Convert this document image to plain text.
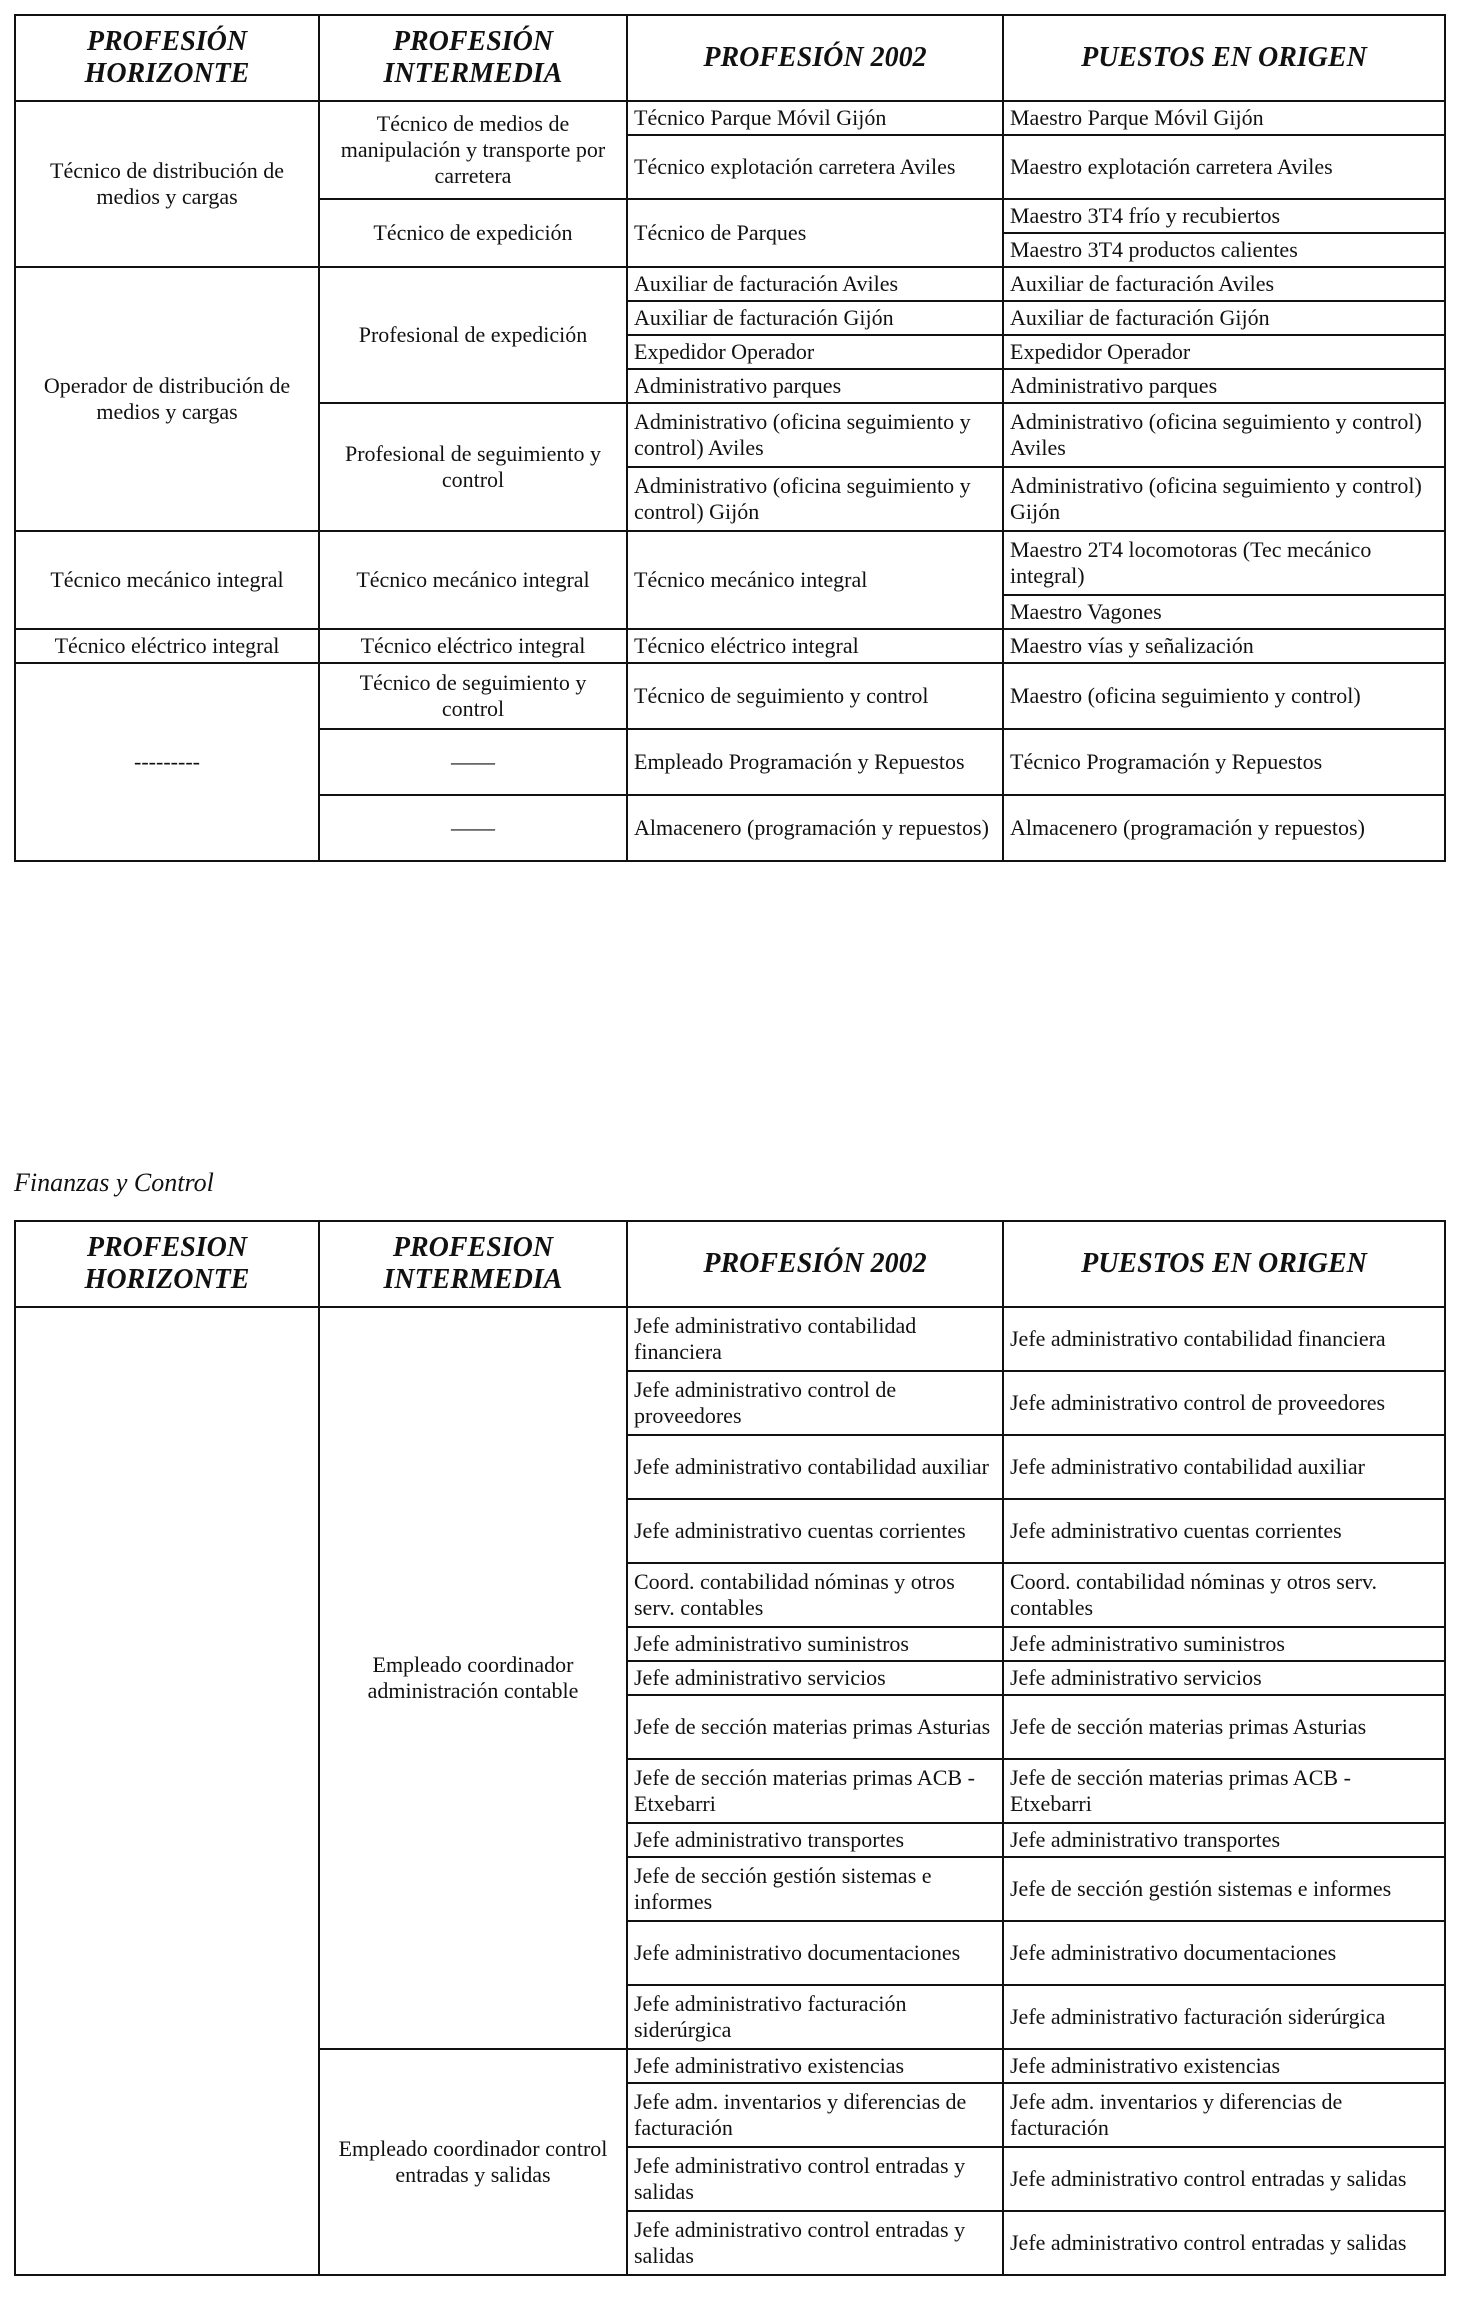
PROFESIÓN HORIZONTE	PROFESIÓN INTERMEDIA	PROFESIÓN 2002	PUESTOS EN ORIGEN
Técnico de distribución de medios y cargas	Técnico de medios de manipulación y transporte por carretera	Técnico Parque Móvil Gijón	Maestro Parque Móvil Gijón
		Técnico explotación carretera Aviles	Maestro explotación carretera Aviles
	Técnico de expedición	Técnico de Parques	Maestro 3T4 frío y recubiertos
			Maestro 3T4 productos calientes
Operador de distribución de medios y cargas	Profesional de expedición	Auxiliar de facturación Aviles	Auxiliar de facturación Aviles
		Auxiliar de facturación Gijón	Auxiliar de facturación Gijón
		Expedidor Operador	Expedidor Operador
		Administrativo parques	Administrativo parques
	Profesional de seguimiento y control	Administrativo (oficina seguimiento y control) Aviles	Administrativo (oficina seguimiento y control) Aviles
		Administrativo (oficina seguimiento y control) Gijón	Administrativo (oficina seguimiento y control) Gijón
Técnico mecánico integral	Técnico mecánico integral	Técnico mecánico integral	Maestro 2T4 locomotoras (Tec mecánico integral)
			Maestro Vagones
Técnico eléctrico integral	Técnico eléctrico integral	Técnico eléctrico integral	Maestro vías y señalización
---------	Técnico de seguimiento y control	Técnico de seguimiento y control	Maestro (oficina seguimiento y control)
	——	Empleado Programación y Repuestos	Técnico Programación y Repuestos
	——	Almacenero (programación y repuestos)	Almacenero (programación y repuestos)
Finanzas y Control
PROFESION HORIZONTE	PROFESION INTERMEDIA	PROFESIÓN 2002	PUESTOS EN ORIGEN
	Empleado coordinador administración contable	Jefe administrativo contabilidad financiera	Jefe administrativo contabilidad financiera
		Jefe administrativo control de proveedores	Jefe administrativo control de proveedores
		Jefe administrativo contabilidad auxiliar	Jefe administrativo contabilidad auxiliar
		Jefe administrativo cuentas corrientes	Jefe administrativo cuentas corrientes
		Coord. contabilidad nóminas y otros serv. contables	Coord. contabilidad nóminas y otros serv. contables
		Jefe administrativo suministros	Jefe administrativo suministros
		Jefe administrativo servicios	Jefe administrativo servicios
		Jefe de sección materias primas Asturias	Jefe de sección materias primas Asturias
		Jefe de sección materias primas ACB - Etxebarri	Jefe de sección materias primas ACB - Etxebarri
		Jefe administrativo transportes	Jefe administrativo transportes
		Jefe de sección gestión sistemas e informes	Jefe de sección gestión sistemas e informes
		Jefe administrativo documentaciones	Jefe administrativo documentaciones
		Jefe administrativo facturación siderúrgica	Jefe administrativo facturación siderúrgica
	Empleado coordinador control entradas y salidas	Jefe administrativo existencias	Jefe administrativo existencias
		Jefe adm. inventarios y diferencias de facturación	Jefe adm. inventarios y diferencias de facturación
		Jefe administrativo control entradas y salidas	Jefe administrativo control entradas y salidas
		Jefe administrativo control entradas y salidas	Jefe administrativo control entradas y salidas
